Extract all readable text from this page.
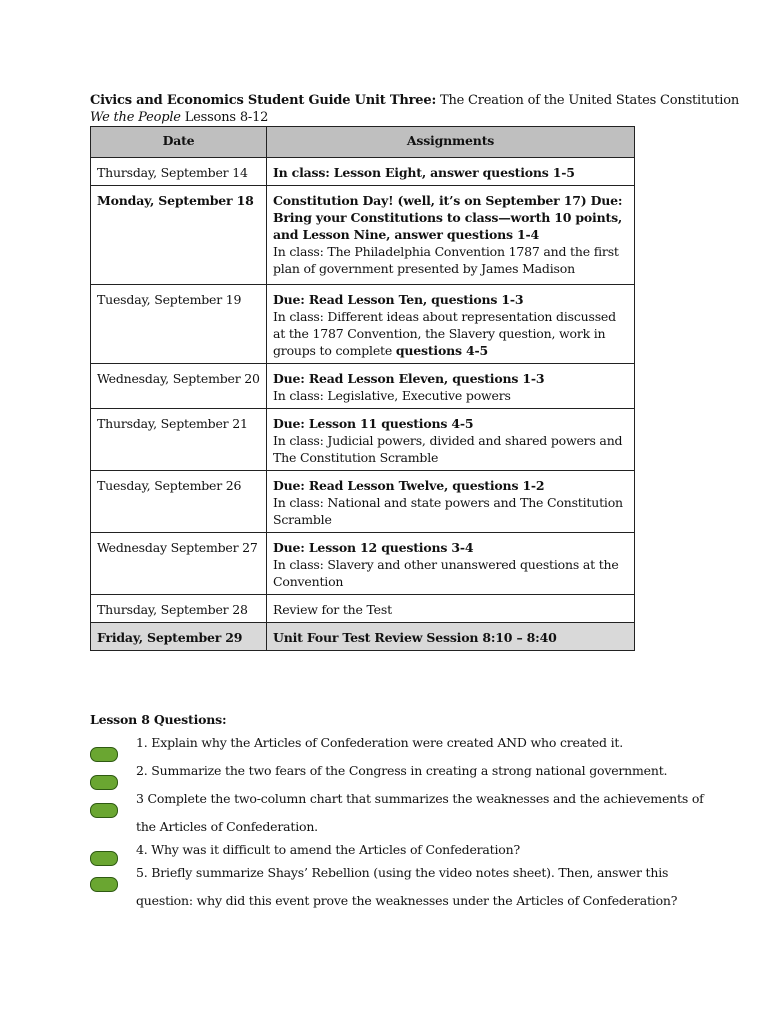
Civics and Economics Student Guide Unit Three: The Creation of the United States Constitution
We the People Lessons 8-12
Date	Assignments
Thursday, September 14	In class: Lesson Eight, answer questions 1-5

Monday, September 18	Constitution Day! (well, it’s on September 17) Due: Bring your Constitutions to class—worth 10 points, and Lesson Nine, answer questions 1-4
In class: The Philadelphia Convention 1787 and the first plan of government presented by James Madison

Tuesday, September 19	Due: Read Lesson Ten, questions 1-3
In class: Different ideas about representation discussed at the 1787 Convention, the Slavery question, work in groups to complete questions 4-5
Wednesday, September 20	Due: Read Lesson Eleven, questions 1-3
In class: Legislative, Executive powers

Thursday, September 21	Due: Lesson 11 questions 4-5
In class: Judicial powers, divided and shared powers and The Constitution Scramble

Tuesday, September 26	Due: Read Lesson Twelve, questions 1-2
In class: National and state powers and The Constitution Scramble

Wednesday September 27	Due: Lesson 12 questions 3-4
In class: Slavery and other unanswered questions at the Convention

Thursday, September 28	Review for the Test

Friday, September 29	Unit Four Test Review Session 8:10 – 8:40
Lesson 8 Questions:
1. Explain why the Articles of Confederation were created AND who created it.
2. Summarize the two fears of the Congress in creating a strong national government.
3 Complete the two-column chart that summarizes the weaknesses and the achievements of the Articles of Confederation.
4. Why was it difficult to amend the Articles of Confederation?
5. Briefly summarize Shays’ Rebellion (using the video notes sheet). Then, answer this question: why did this event prove the weaknesses under the Articles of Confederation?
